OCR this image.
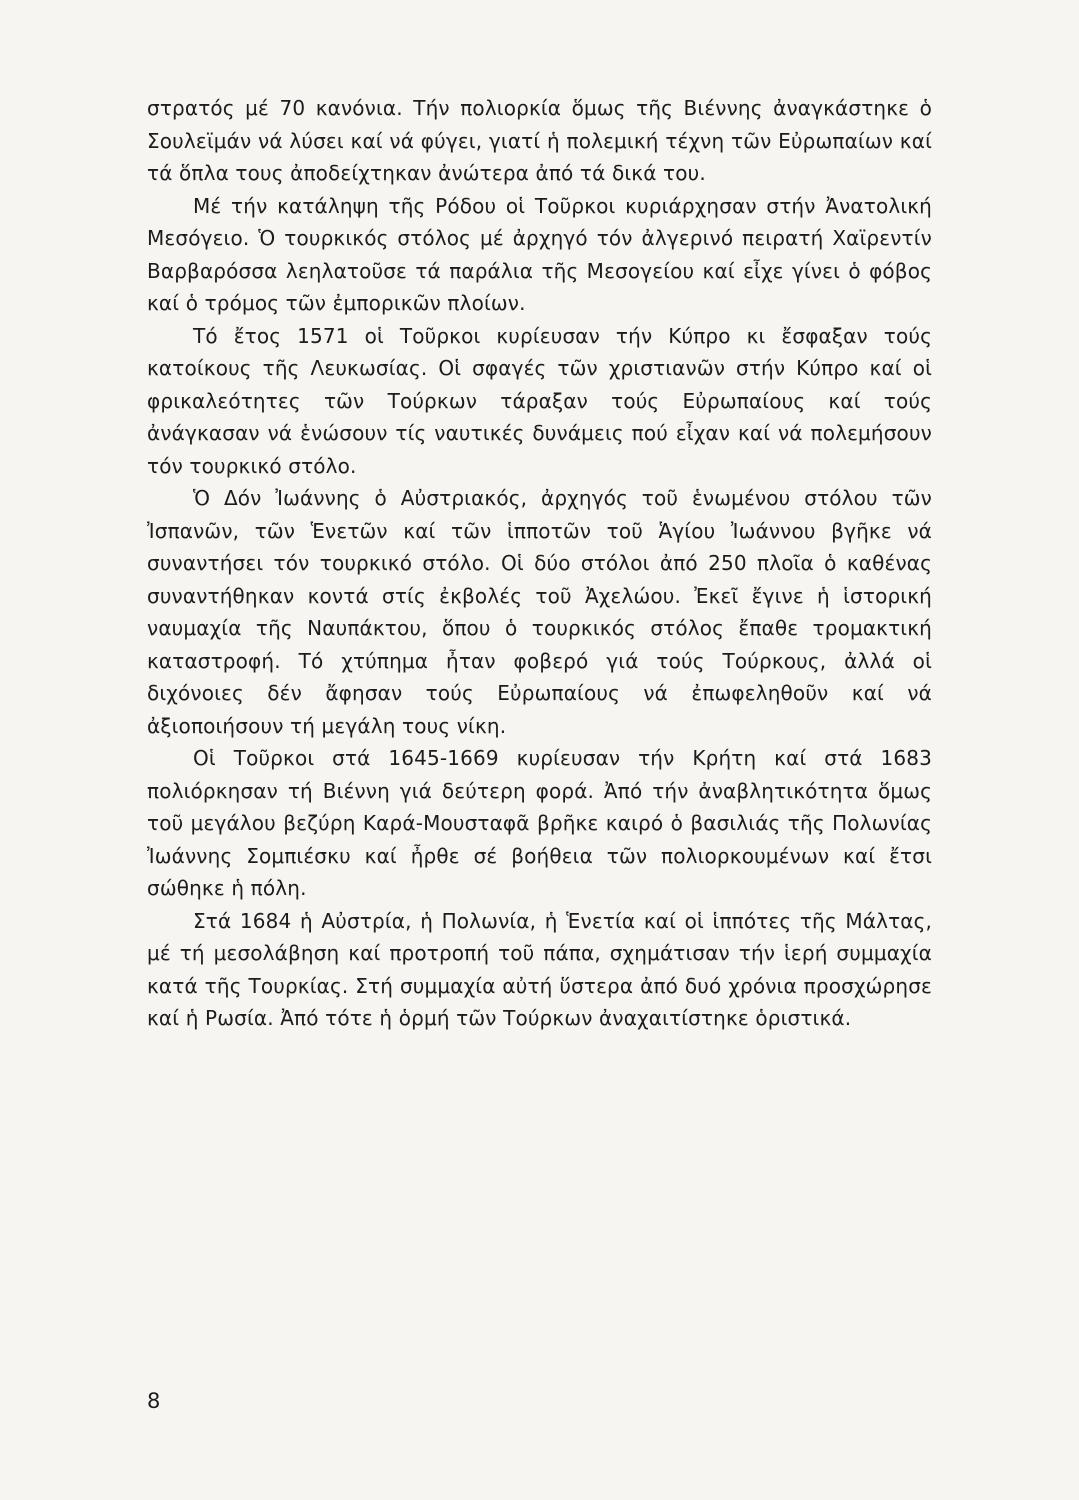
στρατός μέ 70 κανόνια. Τήν πολιορκία ὅμως τῆς Βιέννης ἀναγκάστηκε ὁ Σουλεϊμάν νά λύσει καί νά φύγει, γιατί ἡ πολεμική τέχνη τῶν Εὐρωπαίων καί τά ὅπλα τους ἀποδείχτηκαν ἀνώτερα ἀπό τά δικά του.

Μέ τήν κατάληψη τῆς Ρόδου οἱ Τοῦρκοι κυριάρχησαν στήν Ἀνατολική Μεσόγειο. Ὁ τουρκικός στόλος μέ ἀρχηγό τόν ἀλγερινό πειρατή Χαϊρεντίν Βαρβαρόσσα λεηλατοῦσε τά παράλια τῆς Μεσογείου καί εἶχε γίνει ὁ φόβος καί ὁ τρόμος τῶν ἐμπορικῶν πλοίων.

Τό ἔτος 1571 οἱ Τοῦρκοι κυρίευσαν τήν Κύπρο κι ἔσφαξαν τούς κατοίκους τῆς Λευκωσίας. Οἱ σφαγές τῶν χριστιανῶν στήν Κύπρο καί οἱ φρικαλεότητες τῶν Τούρκων τάραξαν τούς Εὐρωπαίους καί τούς ἀνάγκασαν νά ἑνώσουν τίς ναυτικές δυνάμεις πού εἶχαν καί νά πολεμήσουν τόν τουρκικό στόλο.

Ὁ Δόν Ἰωάννης ὁ Αὐστριακός, ἀρχηγός τοῦ ἑνωμένου στόλου τῶν Ἰσπανῶν, τῶν Ἑνετῶν καί τῶν ἱπποτῶν τοῦ Ἁγίου Ἰωάννου βγῆκε νά συναντήσει τόν τουρκικό στόλο. Οἱ δύο στόλοι ἀπό 250 πλοῖα ὁ καθένας συναντήθηκαν κοντά στίς ἐκβολές τοῦ Ἀχελώου. Ἐκεῖ ἔγινε ἡ ἱστορική ναυμαχία τῆς Ναυπάκτου, ὅπου ὁ τουρκικός στόλος ἔπαθε τρομακτική καταστροφή. Τό χτύπημα ἦταν φοβερό γιά τούς Τούρκους, ἀλλά οἱ διχόνοιες δέν ἄφησαν τούς Εὐρωπαίους νά ἐπωφεληθοῦν καί νά ἀξιοποιήσουν τή μεγάλη τους νίκη.

Οἱ Τοῦρκοι στά 1645-1669 κυρίευσαν τήν Κρήτη καί στά 1683 πολιόρκησαν τή Βιέννη γιά δεύτερη φορά. Ἀπό τήν ἀναβλητικότητα ὅμως τοῦ μεγάλου βεζύρη Καρά-Μουσταφᾶ βρῆκε καιρό ὁ βασιλιάς τῆς Πολωνίας Ἰωάννης Σομπιέσκυ καί ἦρθε σέ βοήθεια τῶν πολιορκουμένων καί ἔτσι σώθηκε ἡ πόλη.

Στά 1684 ἡ Αὐστρία, ἡ Πολωνία, ἡ Ἑνετία καί οἱ ἱππότες τῆς Μάλτας, μέ τή μεσολάβηση καί προτροπή τοῦ πάπα, σχημάτισαν τήν ἱερή συμμαχία κατά τῆς Τουρκίας. Στή συμμαχία αὐτή ὕστερα ἀπό δυό χρόνια προσχώρησε καί ἡ Ρωσία. Ἀπό τότε ἡ ὁρμή τῶν Τούρκων ἀναχαιτίστηκε ὁριστικά.

8
